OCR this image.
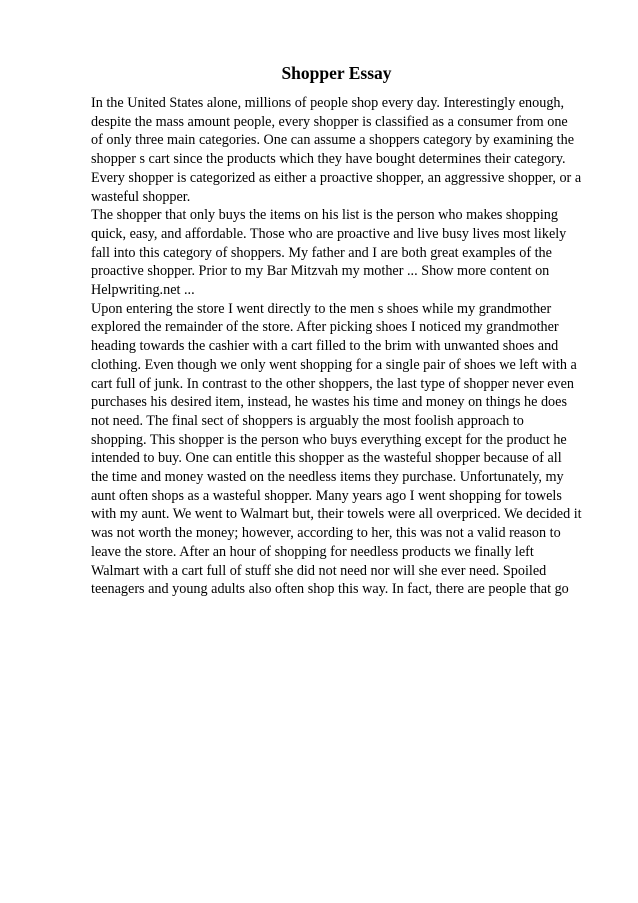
Shopper Essay

In the United States alone, millions of people shop every day. Interestingly enough, despite the mass amount people, every shopper is classified as a consumer from one of only three main categories. One can assume a shoppers category by examining the shopper s cart since the products which they have bought determines their category. Every shopper is categorized as either a proactive shopper, an aggressive shopper, or a wasteful shopper.

The shopper that only buys the items on his list is the person who makes shopping quick, easy, and affordable. Those who are proactive and live busy lives most likely fall into this category of shoppers. My father and I are both great examples of the proactive shopper. Prior to my Bar Mitzvah my mother ... Show more content on Helpwriting.net ...

Upon entering the store I went directly to the men s shoes while my grandmother explored the remainder of the store. After picking shoes I noticed my grandmother heading towards the cashier with a cart filled to the brim with unwanted shoes and clothing. Even though we only went shopping for a single pair of shoes we left with a cart full of junk. In contrast to the other shoppers, the last type of shopper never even purchases his desired item, instead, he wastes his time and money on things he does not need. The final sect of shoppers is arguably the most foolish approach to shopping. This shopper is the person who buys everything except for the product he intended to buy. One can entitle this shopper as the wasteful shopper because of all the time and money wasted on the needless items they purchase. Unfortunately, my aunt often shops as a wasteful shopper. Many years ago I went shopping for towels with my aunt. We went to Walmart but, their towels were all overpriced. We decided it was not worth the money; however, according to her, this was not a valid reason to leave the store. After an hour of shopping for needless products we finally left Walmart with a cart full of stuff she did not need nor will she ever need. Spoiled teenagers and young adults also often shop this way. In fact, there are people that go
